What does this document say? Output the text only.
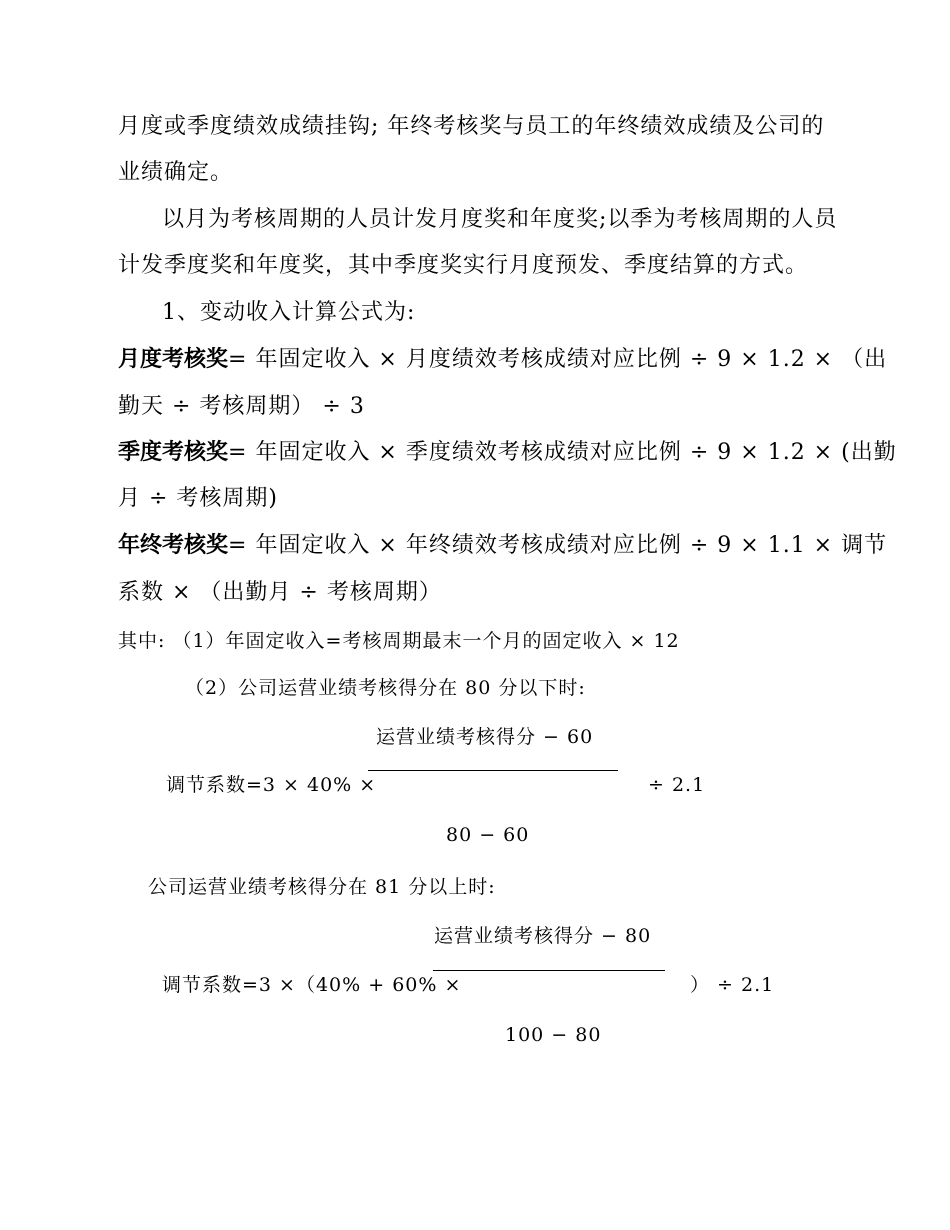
月度或季度绩效成绩挂钩; 年终考核奖与员工的年终绩效成绩及公司的
业绩确定。
以月为考核周期的人员计发月度奖和年度奖;以季为考核周期的人员
计发季度奖和年度奖，其中季度奖实行月度预发、季度结算的方式。
1、变动收入计算公式为:
月度考核奖= 年固定收入 × 月度绩效考核成绩对应比例 ÷ 9 × 1.2 × （出
勤天 ÷ 考核周期） ÷ 3
季度考核奖= 年固定收入 × 季度绩效考核成绩对应比例 ÷ 9 × 1.2 × (出勤
月 ÷ 考核周期)
年终考核奖= 年固定收入 × 年终绩效考核成绩对应比例 ÷ 9 × 1.1 × 调节
系数 × （出勤月 ÷ 考核周期）
其中: （1）年固定收入=考核周期最末一个月的固定收入 × 12
（2）公司运营业绩考核得分在 80 分以下时:
运营业绩考核得分 − 60
调节系数=3 × 40% ×	÷ 2.1
80 − 60
公司运营业绩考核得分在 81 分以上时:
运营业绩考核得分 − 80
调节系数=3 ×（40% + 60% ×	） ÷ 2.1
100 − 80
